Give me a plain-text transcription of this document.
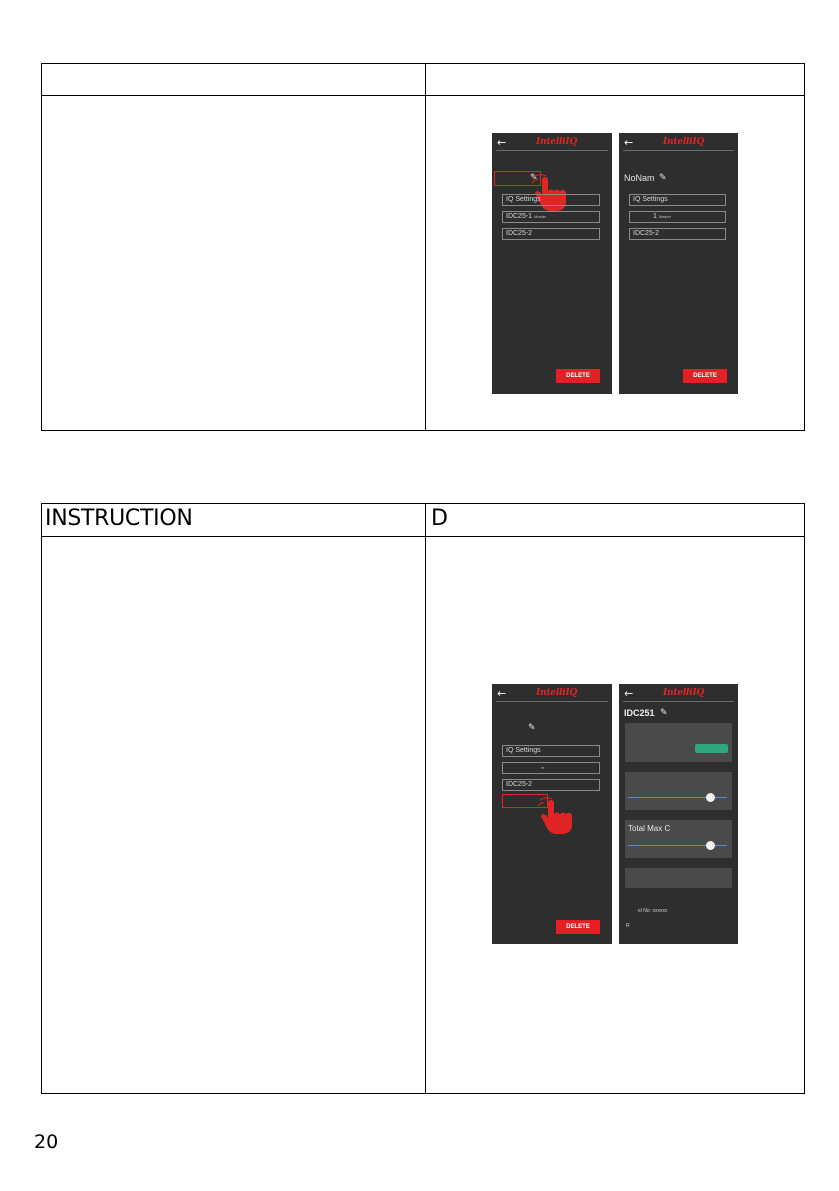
←	IntelliIQ
✎
IQ Settings
IDC25-1 Master
IDC25-2
DELETE
←	IntelliIQ
NoNam ✎
IQ Settings
1 Master
IDC25-2
DELETE
INSTRUCTION	D
←	IntelliIQ
✎
IQ Settings
er
IDC25-2
DELETE
←	IntelliIQ
IDC251 ✎
Total Max C
el No: xxxxxx
R
20
